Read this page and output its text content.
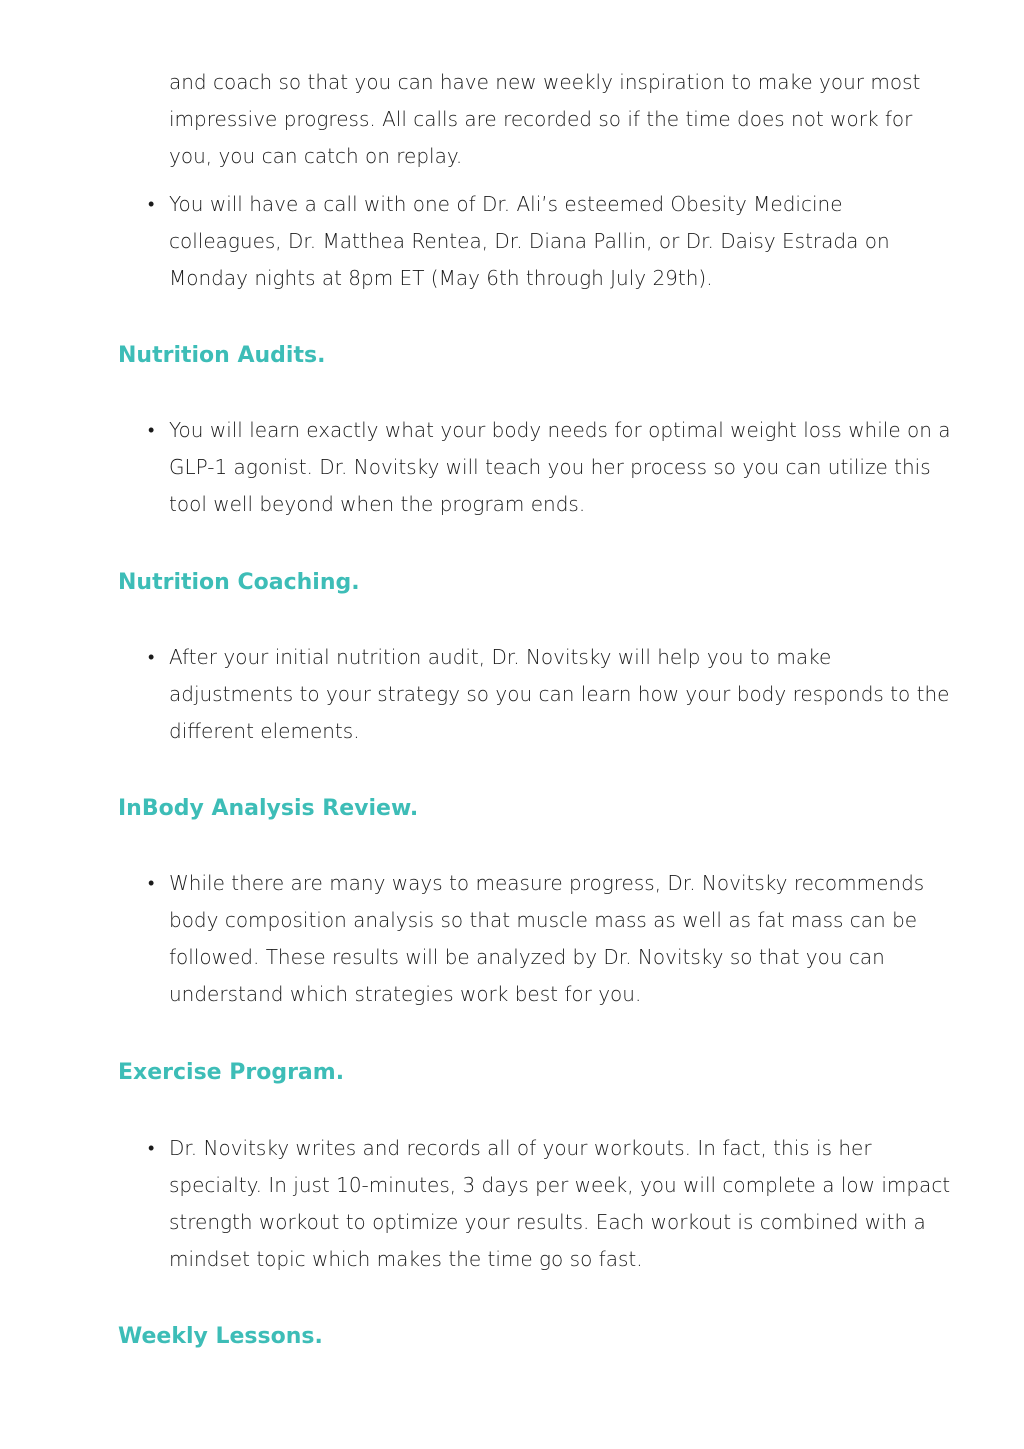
and coach so that you can have new weekly inspiration to make your most impressive progress. All calls are recorded so if the time does not work for you, you can catch on replay.

• You will have a call with one of Dr. Ali’s esteemed Obesity Medicine colleagues, Dr. Matthea Rentea, Dr. Diana Pallin, or Dr. Daisy Estrada on Monday nights at 8pm ET (May 6th through July 29th).
Nutrition Audits.
• You will learn exactly what your body needs for optimal weight loss while on a GLP-1 agonist. Dr. Novitsky will teach you her process so you can utilize this tool well beyond when the program ends.
Nutrition Coaching.
• After your initial nutrition audit, Dr. Novitsky will help you to make adjustments to your strategy so you can learn how your body responds to the different elements.
InBody Analysis Review.
• While there are many ways to measure progress, Dr. Novitsky recommends body composition analysis so that muscle mass as well as fat mass can be followed. These results will be analyzed by Dr. Novitsky so that you can understand which strategies work best for you.
Exercise Program.
• Dr. Novitsky writes and records all of your workouts. In fact, this is her specialty. In just 10-minutes, 3 days per week, you will complete a low impact strength workout to optimize your results. Each workout is combined with a mindset topic which makes the time go so fast.
Weekly Lessons.
